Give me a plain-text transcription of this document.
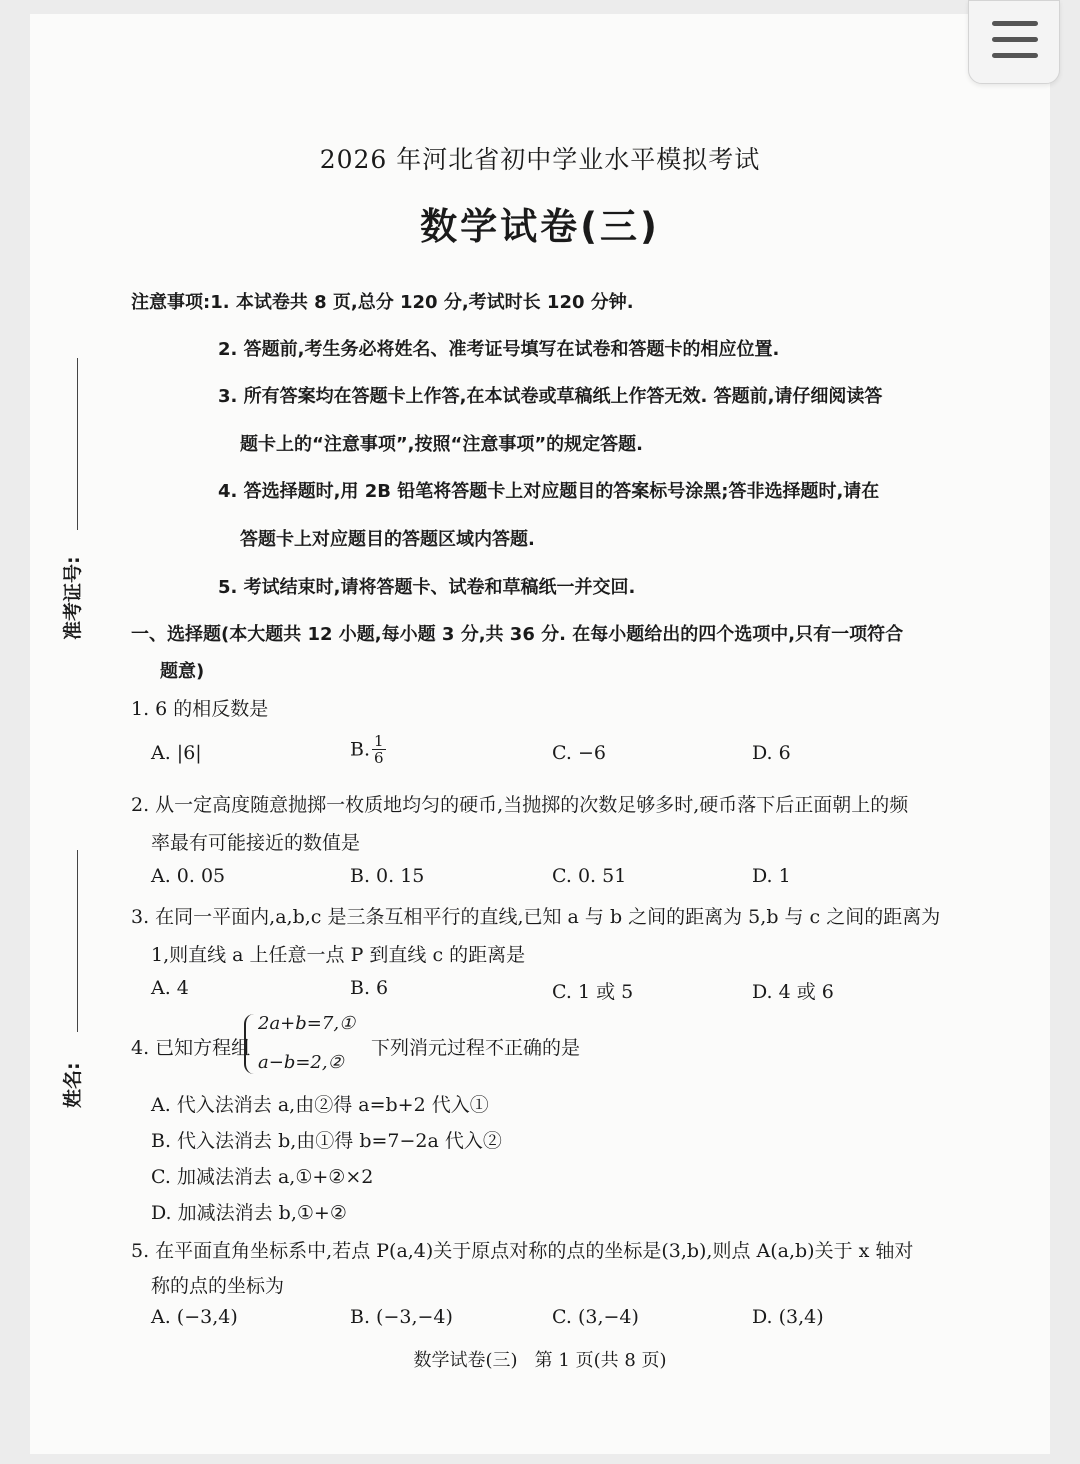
准考证号:
姓名:
2026 年河北省初中学业水平模拟考试
数学试卷(三)
注意事项:1. 本试卷共 8 页,总分 120 分,考试时长 120 分钟.
2. 答题前,考生务必将姓名、准考证号填写在试卷和答题卡的相应位置.
3. 所有答案均在答题卡上作答,在本试卷或草稿纸上作答无效. 答题前,请仔细阅读答
题卡上的“注意事项”,按照“注意事项”的规定答题.
4. 答选择题时,用 2B 铅笔将答题卡上对应题目的答案标号涂黑;答非选择题时,请在
答题卡上对应题目的答题区域内答题.
5. 考试结束时,请将答题卡、试卷和草稿纸一并交回.
一、选择题(本大题共 12 小题,每小题 3 分,共 36 分. 在每小题给出的四个选项中,只有一项符合
题意)
1. 6 的相反数是
A. |6|	B. $\frac{1}{6}$	C. −6	D. 6
2. 从一定高度随意抛掷一枚质地均匀的硬币,当抛掷的次数足够多时,硬币落下后正面朝上的频
率最有可能接近的数值是
A. 0. 05	B. 0. 15	C. 0. 51	D. 1
3. 在同一平面内,a,b,c 是三条互相平行的直线,已知 a 与 b 之间的距离为 5,b 与 c 之间的距离为
1,则直线 a 上任意一点 P 到直线 c 的距离是
A. 4	B. 6	C. 1 或 5	D. 4 或 6
4. 已知方程组
2a+b=7,①
a−b=2,②
下列消元过程不正确的是
A. 代入法消去 a,由②得 a=b+2 代入①
B. 代入法消去 b,由①得 b=7−2a 代入②
C. 加减法消去 a,①+②×2
D. 加减法消去 b,①+②
5. 在平面直角坐标系中,若点 P(a,4)关于原点对称的点的坐标是(3,b),则点 A(a,b)关于 x 轴对
称的点的坐标为
A. (−3,4)	B. (−3,−4)	C. (3,−4)	D. (3,4)
数学试卷(三)   第 1 页(共 8 页)
